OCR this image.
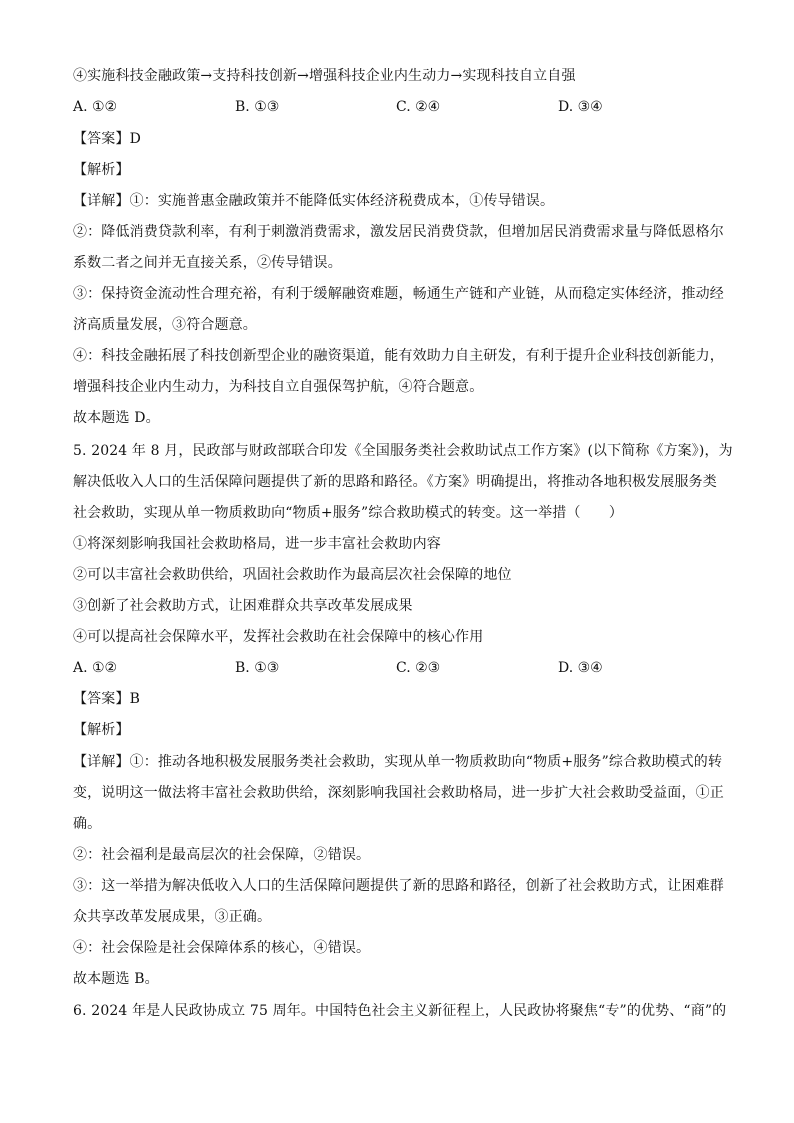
④实施科技金融政策→支持科技创新→增强科技企业内生动力→实现科技自立自强
A. ①②	B. ①③	C. ②④	D. ③④
【答案】D
【解析】
【详解】①：实施普惠金融政策并不能降低实体经济税费成本，①传导错误。
②：降低消费贷款利率，有利于刺激消费需求，激发居民消费贷款，但增加居民消费需求量与降低恩格尔
系数二者之间并无直接关系，②传导错误。
③：保持资金流动性合理充裕，有利于缓解融资难题，畅通生产链和产业链，从而稳定实体经济，推动经
济高质量发展，③符合题意。
④：科技金融拓展了科技创新型企业的融资渠道，能有效助力自主研发，有利于提升企业科技创新能力，
增强科技企业内生动力，为科技自立自强保驾护航，④符合题意。
故本题选 D。
5. 2024 年 8 月，民政部与财政部联合印发《全国服务类社会救助试点工作方案》(以下简称《方案》)，为
解决低收入人口的生活保障问题提供了新的思路和路径。《方案》明确提出，将推动各地积极发展服务类
社会救助，实现从单一物质救助向“物质+服务”综合救助模式的转变。这一举措（　　）
①将深刻影响我国社会救助格局，进一步丰富社会救助内容
②可以丰富社会救助供给，巩固社会救助作为最高层次社会保障的地位
③创新了社会救助方式，让困难群众共享改革发展成果
④可以提高社会保障水平，发挥社会救助在社会保障中的核心作用
A. ①②	B. ①③	C. ②③	D. ③④
【答案】B
【解析】
【详解】①：推动各地积极发展服务类社会救助，实现从单一物质救助向“物质+服务”综合救助模式的转
变，说明这一做法将丰富社会救助供给，深刻影响我国社会救助格局，进一步扩大社会救助受益面，①正
确。
②：社会福利是最高层次的社会保障，②错误。
③：这一举措为解决低收入人口的生活保障问题提供了新的思路和路径，创新了社会救助方式，让困难群
众共享改革发展成果，③正确。
④：社会保险是社会保障体系的核心，④错误。
故本题选 B。
6. 2024 年是人民政协成立 75 周年。中国特色社会主义新征程上，人民政协将聚焦“专”的优势、“商”的
